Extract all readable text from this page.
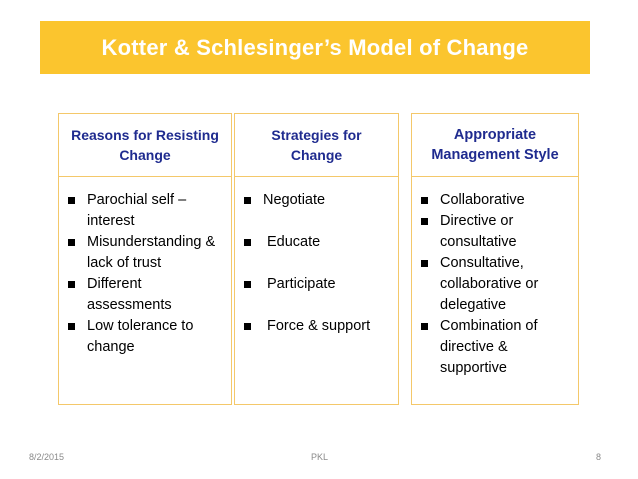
Kotter & Schlesinger’s Model of Change
Reasons for Resisting
Change
Parochial self – interest
Misunderstanding & lack of trust
Different assessments
Low tolerance to change
Strategies for
Change
Negotiate
Educate
Participate
Force & support
Appropriate
Management Style
Collaborative
Directive or consultative
Consultative, collaborative or delegative
Combination of directive & supportive
8/2/2015	PKL	8
